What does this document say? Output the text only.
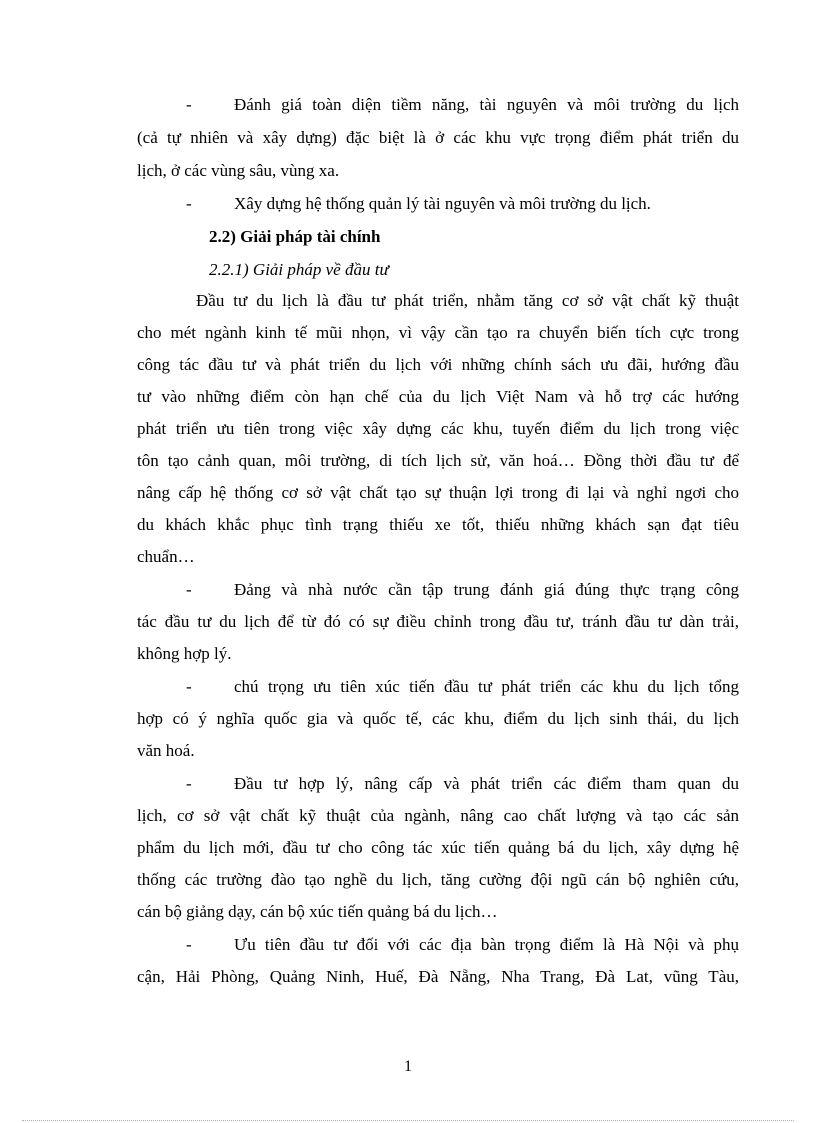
- Đánh giá toàn diện tiềm năng, tài nguyên và môi trường du lịch
(cả tự nhiên và xây dựng) đặc biệt là ở các khu vực trọng điểm phát triển du
lịch, ở các vùng sâu, vùng xa.
- Xây dựng hệ thống quản lý tài nguyên và môi trường du lịch.
2.2) Giải pháp tài chính
2.2.1) Giải pháp về đầu tư
Đầu tư du lịch là đầu tư phát triển, nhằm tăng cơ sở vật chất kỹ thuật
cho mét ngành kinh tế mũi nhọn, vì vậy cần tạo ra chuyển biến tích cực trong
công tác đầu tư và phát triển du lịch với những chính sách ưu đãi, hướng đầu
tư vào những điểm còn hạn chế của du lịch Việt Nam và hỗ trợ các hướng
phát triển ưu tiên trong việc xây dựng các khu, tuyến điểm du lịch trong việc
tôn tạo cảnh quan, môi trường, di tích lịch sử, văn hoá… Đồng thời đầu tư để
nâng cấp hệ thống cơ sở vật chất tạo sự thuận lợi trong đi lại và nghỉ ngơi cho
du khách khắc phục tình trạng thiếu xe tốt, thiếu những khách sạn đạt tiêu
chuẩn…
- Đảng và nhà nước cần tập trung đánh giá đúng thực trạng công
tác đầu tư du lịch để từ đó có sự điều chỉnh trong đầu tư, tránh đầu tư dàn trải,
không hợp lý.
- chú trọng ưu tiên xúc tiến đầu tư phát triển các khu du lịch tổng
hợp có ý nghĩa quốc gia và quốc tế, các khu, điểm du lịch sinh thái, du lịch
văn hoá.
- Đầu tư hợp lý, nâng cấp và phát triển các điểm tham quan du
lịch, cơ sở vật chất kỹ thuật của ngành, nâng cao chất lượng và tạo các sản
phẩm du lịch mới, đầu tư cho công tác xúc tiến quảng bá du lịch, xây dựng hệ
thống các trường đào tạo nghề du lịch, tăng cường đội ngũ cán bộ nghiên cứu,
cán bộ giảng dạy, cán bộ xúc tiến quảng bá du lịch…
- Ưu tiên đầu tư đối với các địa bàn trọng điểm là Hà Nội và phụ
cận, Hải Phòng, Quảng Ninh, Huế, Đà Nẵng, Nha Trang, Đà Lat, vũng Tàu,
1
